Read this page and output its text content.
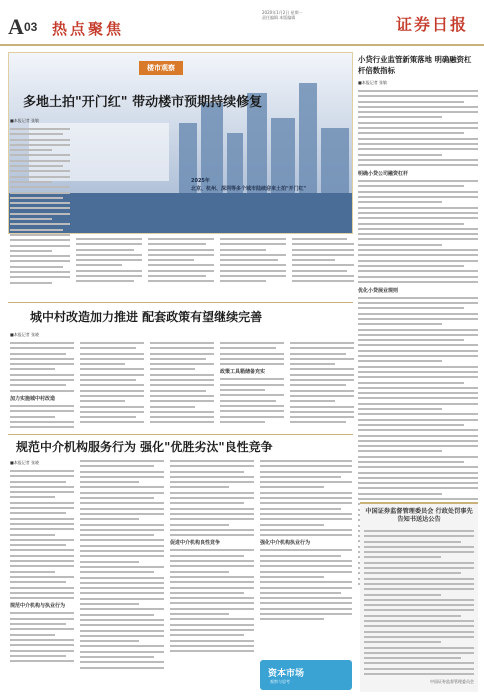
A 03 热点聚焦
2020年1月2日 星期一
责任编辑 本版编辑	证券日报
楼市观察
多地土拍"开门红" 带动楼市预期持续修复
2025年
北京、杭州、深圳等多个城市陆续迎来土拍"开门红"
■本报记者 张敏
城中村改造加力推进 配套政策有望继续完善
■本报记者 张晓
加力实施城中村改造
政策工具箱储备充实
规范中介机构服务行为 强化"优胜劣汰"良性竞争
■本报记者 张晓
规范中介机构与执业行为
促进中介机构良性竞争	强化中介机构执业行为
资本市场
观察与思考
小贷行业监管新策落地 明确融资杠杆倍数指标
■本报记者 张敏
明确小贷公司融资杠杆
优化小贷展业规则
中国证券监督管理委员会 行政处罚事先告知书送达公告
中国证券监督管理委员会
